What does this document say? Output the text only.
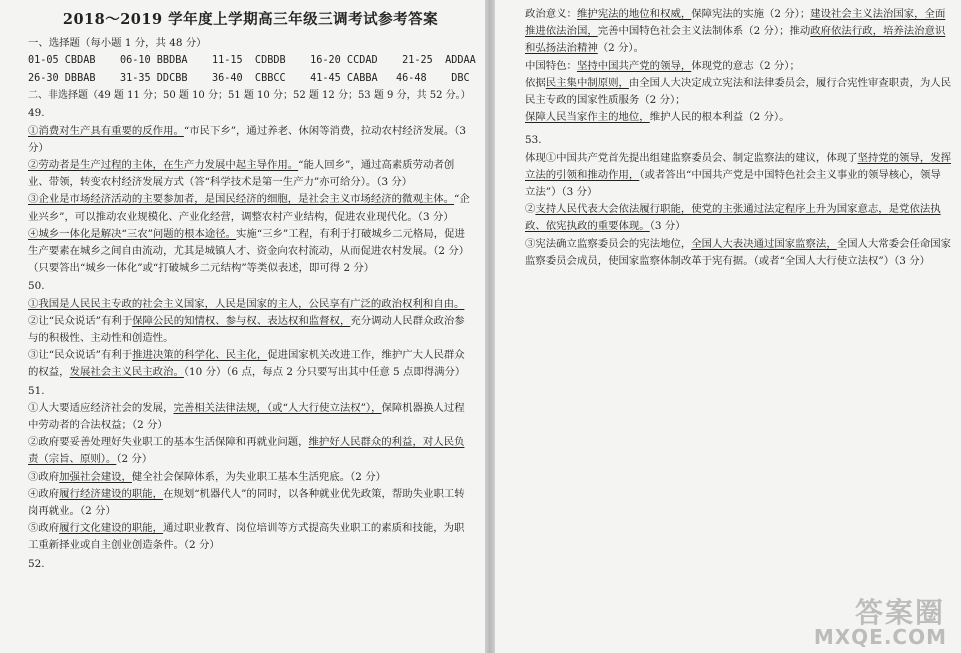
2018～2019 学年度上学期高三年级三调考试参考答案
一、选择题（每小题 1 分，共 48 分）
01-05 CBDAB    06-10 BBDBA    11-15  CDBDB    16-20 CCDAD    21-25  ADDAA
26-30 DBBAB    31-35 DDCBB    36-40  CBBCC    41-45 CABBA   46-48    DBC
二、非选择题（49 题 11 分；50 题 10 分；51 题 10 分；52 题 12 分；53 题 9 分，共 52 分。）
49.
①消费对生产具有重要的反作用。“市民下乡”，通过养老、休闲等消费，拉动农村经济发展。（3 分）
②劳动者是生产过程的主体，在生产力发展中起主导作用。“能人回乡”，通过高素质劳动者创业、带领，转变农村经济发展方式（答“科学技术是第一生产力”亦可给分）。（3 分）
③企业是市场经济活动的主要参加者，是国民经济的细胞，是社会主义市场经济的微观主体。“企业兴乡”，可以推动农业规模化、产业化经营，调整农村产业结构，促进农业现代化。（3 分）
④城乡一体化是解决“三农”问题的根本途径。实施“三乡”工程，有利于打破城乡二元格局，促进生产要素在城乡之间自由流动，尤其是城镇人才、资金向农村流动，从而促进农村发展。（2 分）（只要答出“城乡一体化”或“打破城乡二元结构”等类似表述，即可得 2 分）
50.
①我国是人民民主专政的社会主义国家，人民是国家的主人，公民享有广泛的政治权利和自由。
②让“民众说话”有利于保障公民的知情权、参与权、表达权和监督权，充分调动人民群众政治参与的积极性、主动性和创造性。
③让“民众说话”有利于推进决策的科学化、民主化，促进国家机关改进工作，维护广大人民群众的权益，发展社会主义民主政治。（10 分）（6 点，每点 2 分只要写出其中任意 5 点即得满分）
51.
①人大要适应经济社会的发展，完善相关法律法规，（或“人大行使立法权”），保障机器换人过程中劳动者的合法权益；（2 分）
②政府要妥善处理好失业职工的基本生活保障和再就业问题，维护好人民群众的利益，对人民负责（宗旨、原则）。（2 分）
③政府加强社会建设，健全社会保障体系，为失业职工基本生活兜底。（2 分）
④政府履行经济建设的职能，在规划“机器代人”的同时，以各种就业优先政策，帮助失业职工转岗再就业。（2 分）
⑤政府履行文化建设的职能，通过职业教育、岗位培训等方式提高失业职工的素质和技能，为职工重新择业或自主创业创造条件。（2 分）
52.
政治意义：维护宪法的地位和权威，保障宪法的实施（2 分）；建设社会主义法治国家，全面推进依法治国，完善中国特色社会主义法制体系（2 分）；推动政府依法行政，培养法治意识和弘扬法治精神（2 分）。
中国特色：坚持中国共产党的领导，体现党的意志（2 分）；
依据民主集中制原则，由全国人大决定成立宪法和法律委员会，履行合宪性审查职责，为人民民主专政的国家性质服务（2 分）；
保障人民当家作主的地位，维护人民的根本利益（2 分）。
53.
体现①中国共产党首先提出组建监察委员会、制定监察法的建议，体现了坚持党的领导，发挥立法的引领和推动作用，（或者答出“中国共产党是中国特色社会主义事业的领导核心，领导立法”）（3 分）
②支持人民代表大会依法履行职能，使党的主张通过法定程序上升为国家意志，是党依法执政、依宪执政的重要体现。（3 分）
③宪法确立监察委员会的宪法地位，全国人大表决通过国家监察法，全国人大常委会任命国家监察委员会成员，使国家监察体制改革于宪有据。（或者“全国人大行使立法权”）（3 分）
答案圈
MXQE.COM
